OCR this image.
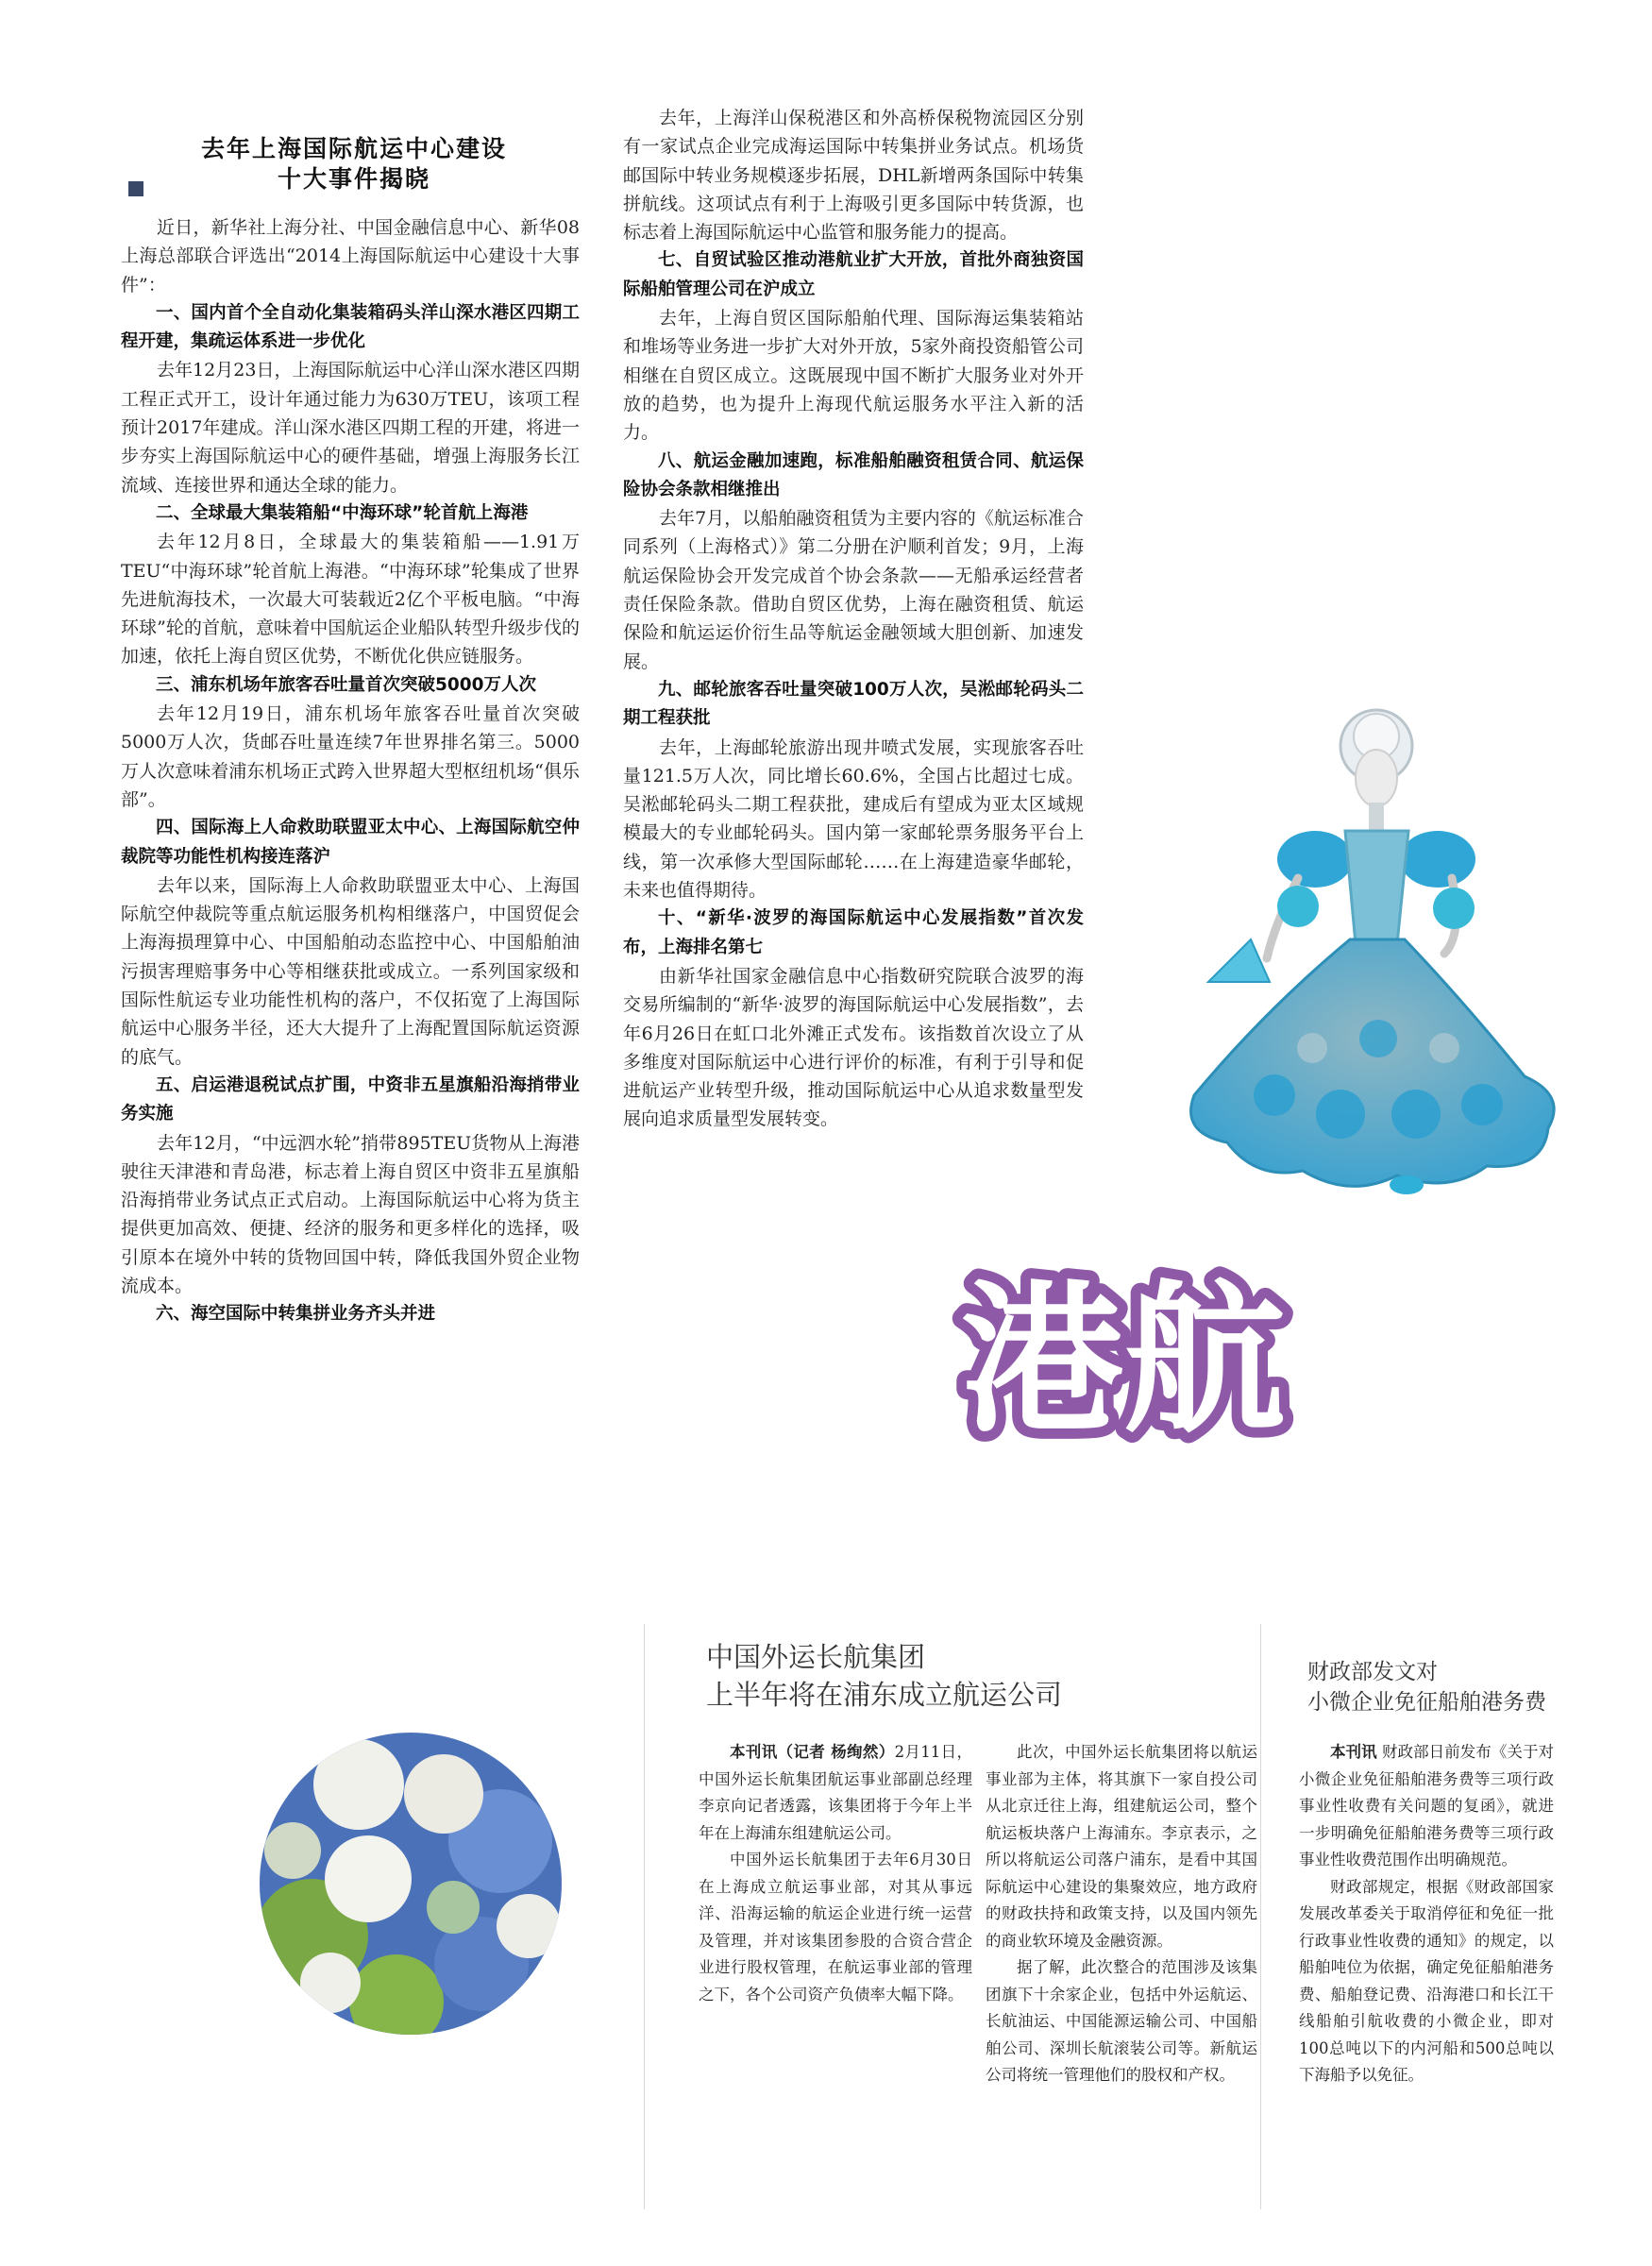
去年上海国际航运中心建设
十大事件揭晓

近日，新华社上海分社、中国金融信息中心、新华08上海总部联合评选出“2014上海国际航运中心建设十大事件”：

一、国内首个全自动化集装箱码头洋山深水港区四期工程开建，集疏运体系进一步优化

去年12月23日，上海国际航运中心洋山深水港区四期工程正式开工，设计年通过能力为630万TEU，该项工程预计2017年建成。洋山深水港区四期工程的开建，将进一步夯实上海国际航运中心的硬件基础，增强上海服务长江流域、连接世界和通达全球的能力。

二、全球最大集装箱船“中海环球”轮首航上海港

去年12月8日，全球最大的集装箱船——1.91万TEU“中海环球”轮首航上海港。“中海环球”轮集成了世界先进航海技术，一次最大可装载近2亿个平板电脑。“中海环球”轮的首航，意味着中国航运企业船队转型升级步伐的加速，依托上海自贸区优势，不断优化供应链服务。

三、浦东机场年旅客吞吐量首次突破5000万人次

去年12月19日，浦东机场年旅客吞吐量首次突破5000万人次，货邮吞吐量连续7年世界排名第三。5000万人次意味着浦东机场正式跨入世界超大型枢纽机场“俱乐部”。

四、国际海上人命救助联盟亚太中心、上海国际航空仲裁院等功能性机构接连落沪

去年以来，国际海上人命救助联盟亚太中心、上海国际航空仲裁院等重点航运服务机构相继落户，中国贸促会上海海损理算中心、中国船舶动态监控中心、中国船舶油污损害理赔事务中心等相继获批或成立。一系列国家级和国际性航运专业功能性机构的落户，不仅拓宽了上海国际航运中心服务半径，还大大提升了上海配置国际航运资源的底气。

五、启运港退税试点扩围，中资非五星旗船沿海捎带业务实施

去年12月，“中远泗水轮”捎带895TEU货物从上海港驶往天津港和青岛港，标志着上海自贸区中资非五星旗船沿海捎带业务试点正式启动。上海国际航运中心将为货主提供更加高效、便捷、经济的服务和更多样化的选择，吸引原本在境外中转的货物回国中转，降低我国外贸企业物流成本。

六、海空国际中转集拼业务齐头并进

去年，上海洋山保税港区和外高桥保税物流园区分别有一家试点企业完成海运国际中转集拼业务试点。机场货邮国际中转业务规模逐步拓展，DHL新增两条国际中转集拼航线。这项试点有利于上海吸引更多国际中转货源，也标志着上海国际航运中心监管和服务能力的提高。

七、自贸试验区推动港航业扩大开放，首批外商独资国际船舶管理公司在沪成立

去年，上海自贸区国际船舶代理、国际海运集装箱站和堆场等业务进一步扩大对外开放，5家外商投资船管公司相继在自贸区成立。这既展现中国不断扩大服务业对外开放的趋势，也为提升上海现代航运服务水平注入新的活力。

八、航运金融加速跑，标准船舶融资租赁合同、航运保险协会条款相继推出

去年7月，以船舶融资租赁为主要内容的《航运标准合同系列（上海格式）》第二分册在沪顺利首发；9月，上海航运保险协会开发完成首个协会条款——无船承运经营者责任保险条款。借助自贸区优势，上海在融资租赁、航运保险和航运运价衍生品等航运金融领域大胆创新、加速发展。

九、邮轮旅客吞吐量突破100万人次，吴淞邮轮码头二期工程获批

去年，上海邮轮旅游出现井喷式发展，实现旅客吞吐量121.5万人次，同比增长60.6%，全国占比超过七成。吴淞邮轮码头二期工程获批，建成后有望成为亚太区域规模最大的专业邮轮码头。国内第一家邮轮票务服务平台上线，第一次承修大型国际邮轮……在上海建造豪华邮轮，未来也值得期待。

十、“新华·波罗的海国际航运中心发展指数”首次发布，上海排名第七

由新华社国家金融信息中心指数研究院联合波罗的海交易所编制的“新华·波罗的海国际航运中心发展指数”，去年6月26日在虹口北外滩正式发布。该指数首次设立了从多维度对国际航运中心进行评价的标准，有利于引导和促进航运产业转型升级，推动国际航运中心从追求数量型发展向追求质量型发展转变。

港航
中国外运长航集团
上半年将在浦东成立航运公司

本刊讯（记者 杨绚然）2月11日，中国外运长航集团航运事业部副总经理李京向记者透露，该集团将于今年上半年在上海浦东组建航运公司。

中国外运长航集团于去年6月30日在上海成立航运事业部，对其从事远洋、沿海运输的航运企业进行统一运营及管理，并对该集团参股的合资合营企业进行股权管理，在航运事业部的管理之下，各个公司资产负债率大幅下降。

此次，中国外运长航集团将以航运事业部为主体，将其旗下一家自投公司从北京迁往上海，组建航运公司，整个航运板块落户上海浦东。李京表示，之所以将航运公司落户浦东，是看中其国际航运中心建设的集聚效应，地方政府的财政扶持和政策支持，以及国内领先的商业软环境及金融资源。

据了解，此次整合的范围涉及该集团旗下十余家企业，包括中外运航运、长航油运、中国能源运输公司、中国船舶公司、深圳长航滚装公司等。新航运公司将统一管理他们的股权和产权。

财政部发文对
小微企业免征船舶港务费

本刊讯 财政部日前发布《关于对小微企业免征船舶港务费等三项行政事业性收费有关问题的复函》，就进一步明确免征船舶港务费等三项行政事业性收费范围作出明确规范。

财政部规定，根据《财政部国家发展改革委关于取消停征和免征一批行政事业性收费的通知》的规定，以船舶吨位为依据，确定免征船舶港务费、船舶登记费、沿海港口和长江干线船舶引航收费的小微企业，即对100总吨以下的内河船和500总吨以下海船予以免征。
